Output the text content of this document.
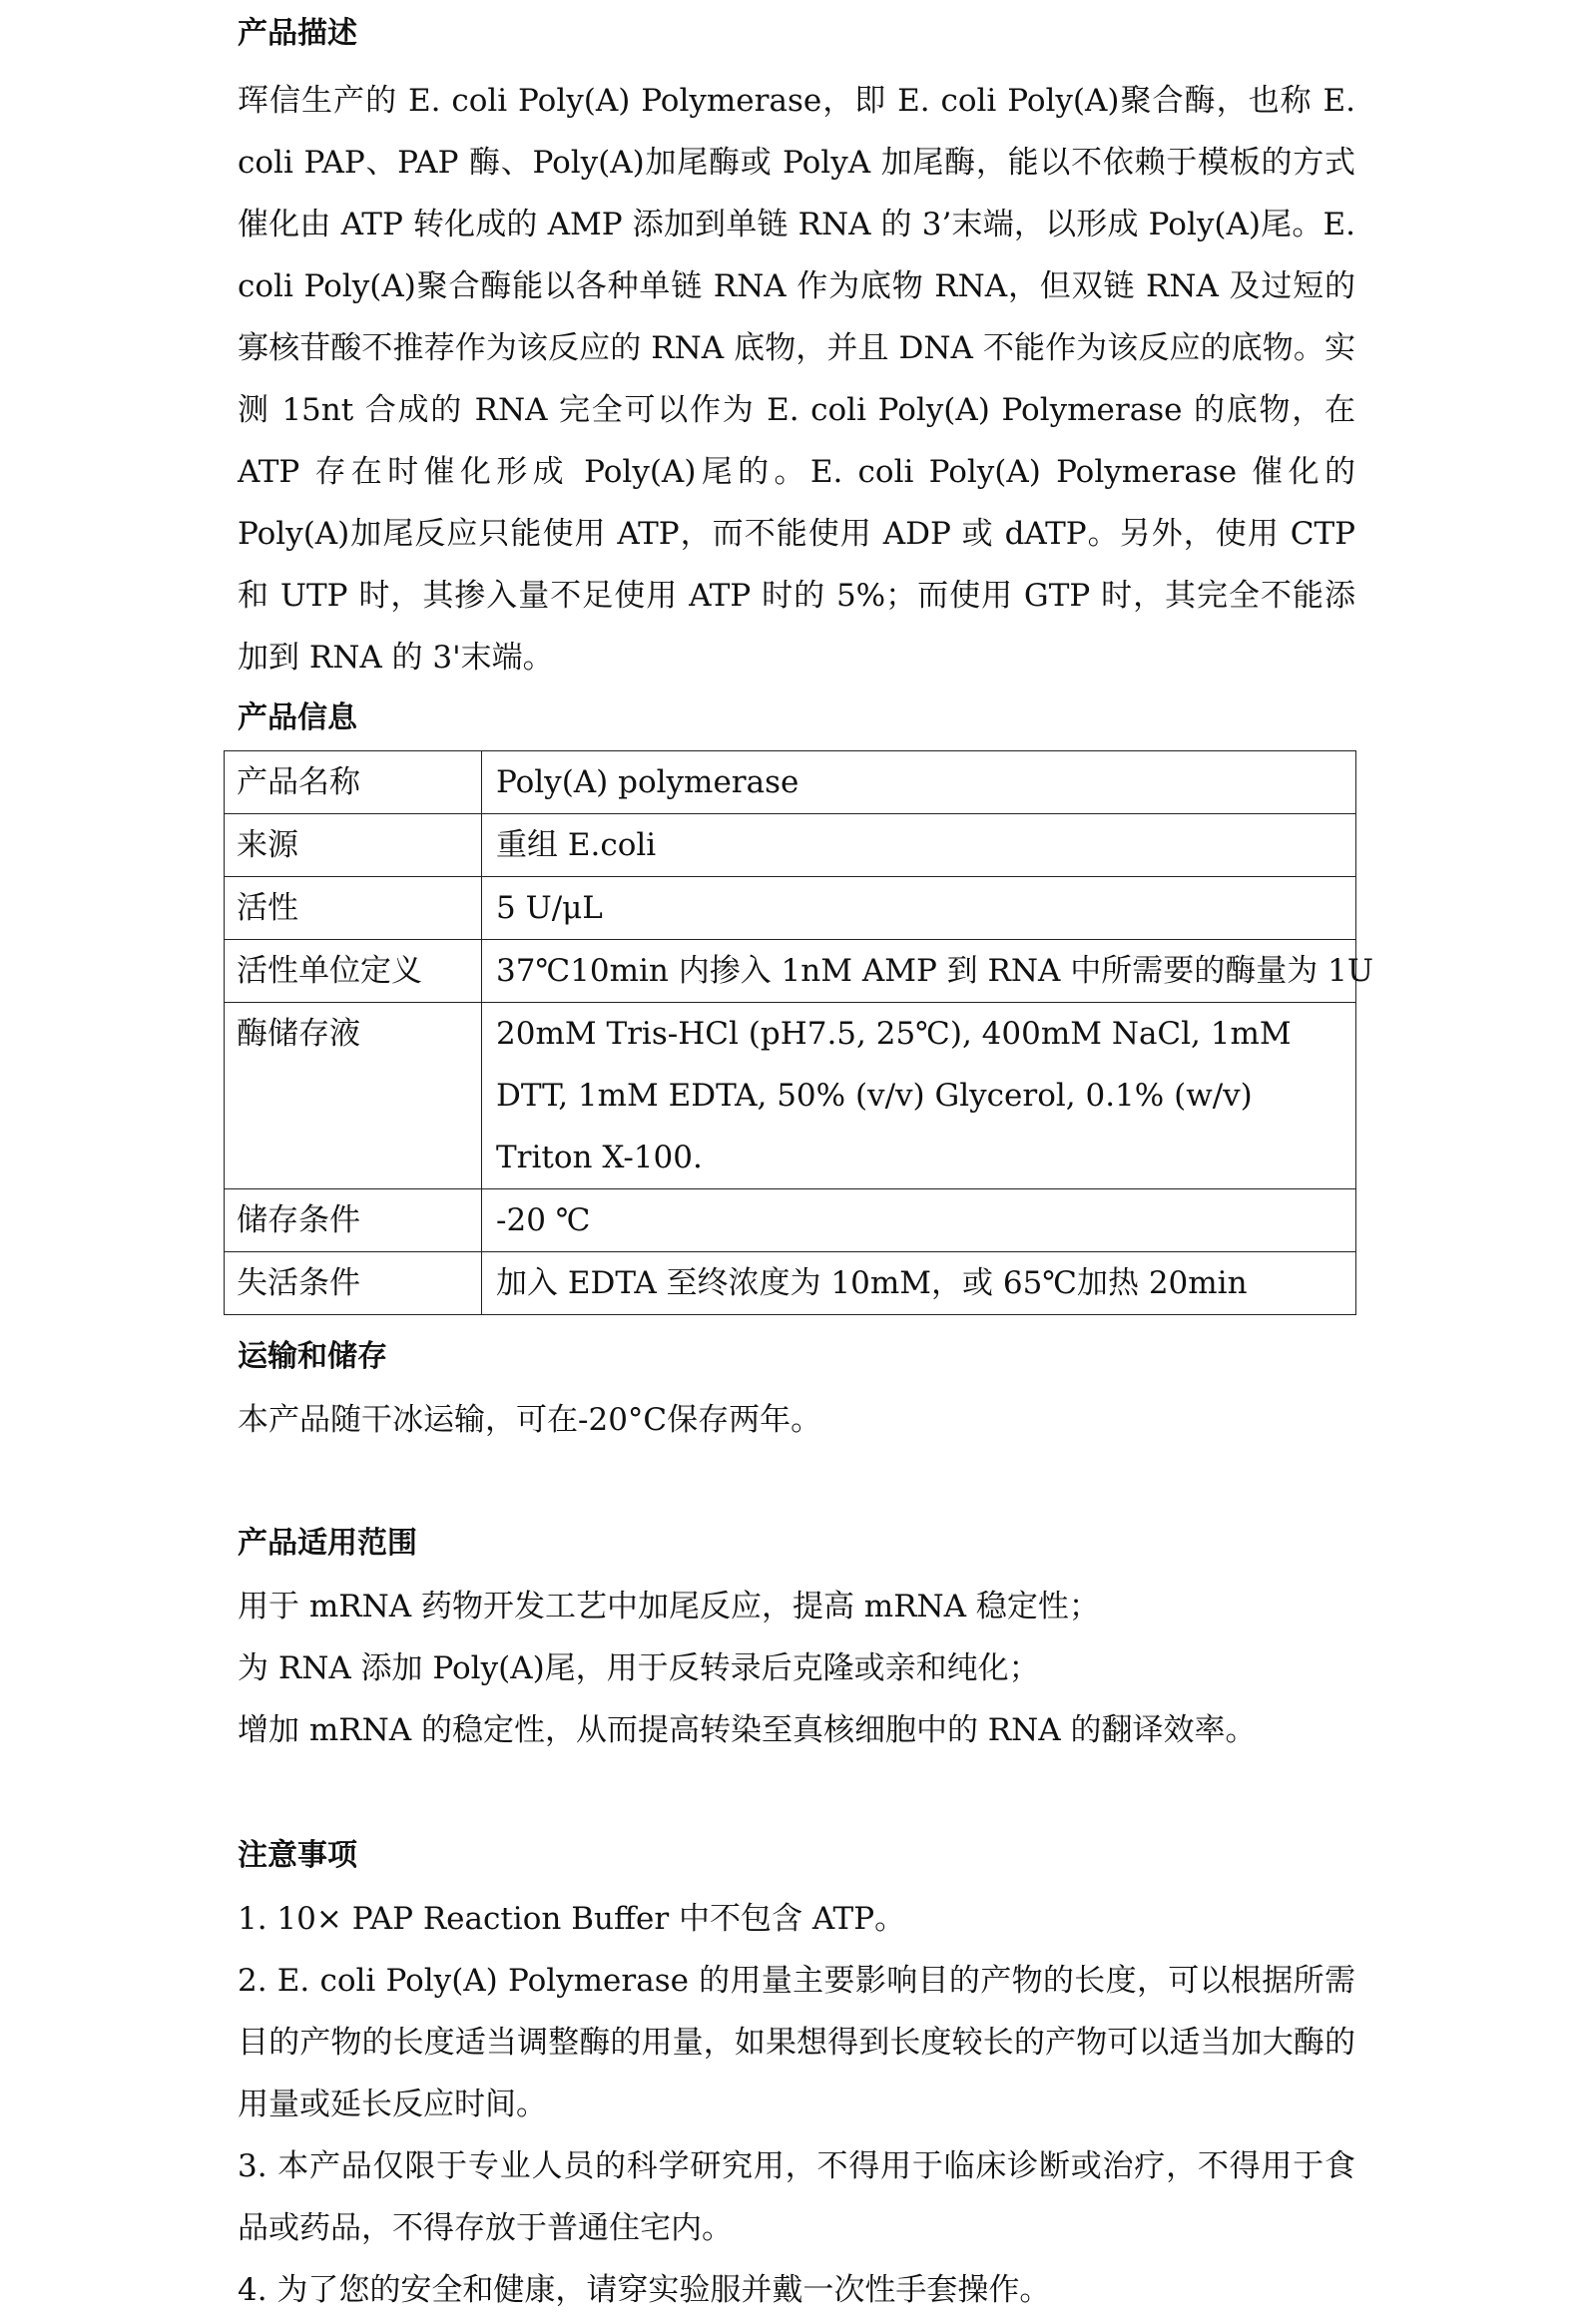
产品描述

珲信生产的 E. coli Poly(A) Polymerase，即 E. coli Poly(A)聚合酶，也称 E. coli PAP、PAP 酶、Poly(A)加尾酶或 PolyA 加尾酶，能以不依赖于模板的方式催化由 ATP 转化成的 AMP 添加到单链 RNA 的 3’末端，以形成 Poly(A)尾。E. coli Poly(A)聚合酶能以各种单链 RNA 作为底物 RNA，但双链 RNA 及过短的寡核苷酸不推荐作为该反应的 RNA 底物，并且 DNA 不能作为该反应的底物。实测 15nt 合成的 RNA 完全可以作为 E. coli Poly(A) Polymerase 的底物，在 ATP 存在时催化形成 Poly(A)尾的。E. coli Poly(A) Polymerase 催化的 Poly(A)加尾反应只能使用 ATP，而不能使用 ADP 或 dATP。另外，使用 CTP 和 UTP 时，其掺入量不足使用 ATP 时的 5%；而使用 GTP 时，其完全不能添加到 RNA 的 3'末端。

产品信息

产品名称	Poly(A) polymerase
来源	重组 E.coli
活性	5 U/μL
活性单位定义	37℃10min 内掺入 1nM AMP 到 RNA 中所需要的酶量为 1U
酶储存液	20mM Tris-HCl (pH7.5, 25℃), 400mM NaCl, 1mM DTT, 1mM EDTA, 50% (v/v) Glycerol, 0.1% (w/v) Triton X-100.
储存条件	-20 ℃
失活条件	加入 EDTA 至终浓度为 10mM，或 65℃加热 20min

运输和储存

本产品随干冰运输，可在-20°C保存两年。

产品适用范围

用于 mRNA 药物开发工艺中加尾反应，提高 mRNA 稳定性；

为 RNA 添加 Poly(A)尾，用于反转录后克隆或亲和纯化；

增加 mRNA 的稳定性，从而提高转染至真核细胞中的 RNA 的翻译效率。

注意事项

1. 10× PAP Reaction Buffer 中不包含 ATP。

2. E. coli Poly(A) Polymerase 的用量主要影响目的产物的长度，可以根据所需目的产物的长度适当调整酶的用量，如果想得到长度较长的产物可以适当加大酶的用量或延长反应时间。

3. 本产品仅限于专业人员的科学研究用，不得用于临床诊断或治疗，不得用于食品或药品，不得存放于普通住宅内。

4. 为了您的安全和健康，请穿实验服并戴一次性手套操作。
